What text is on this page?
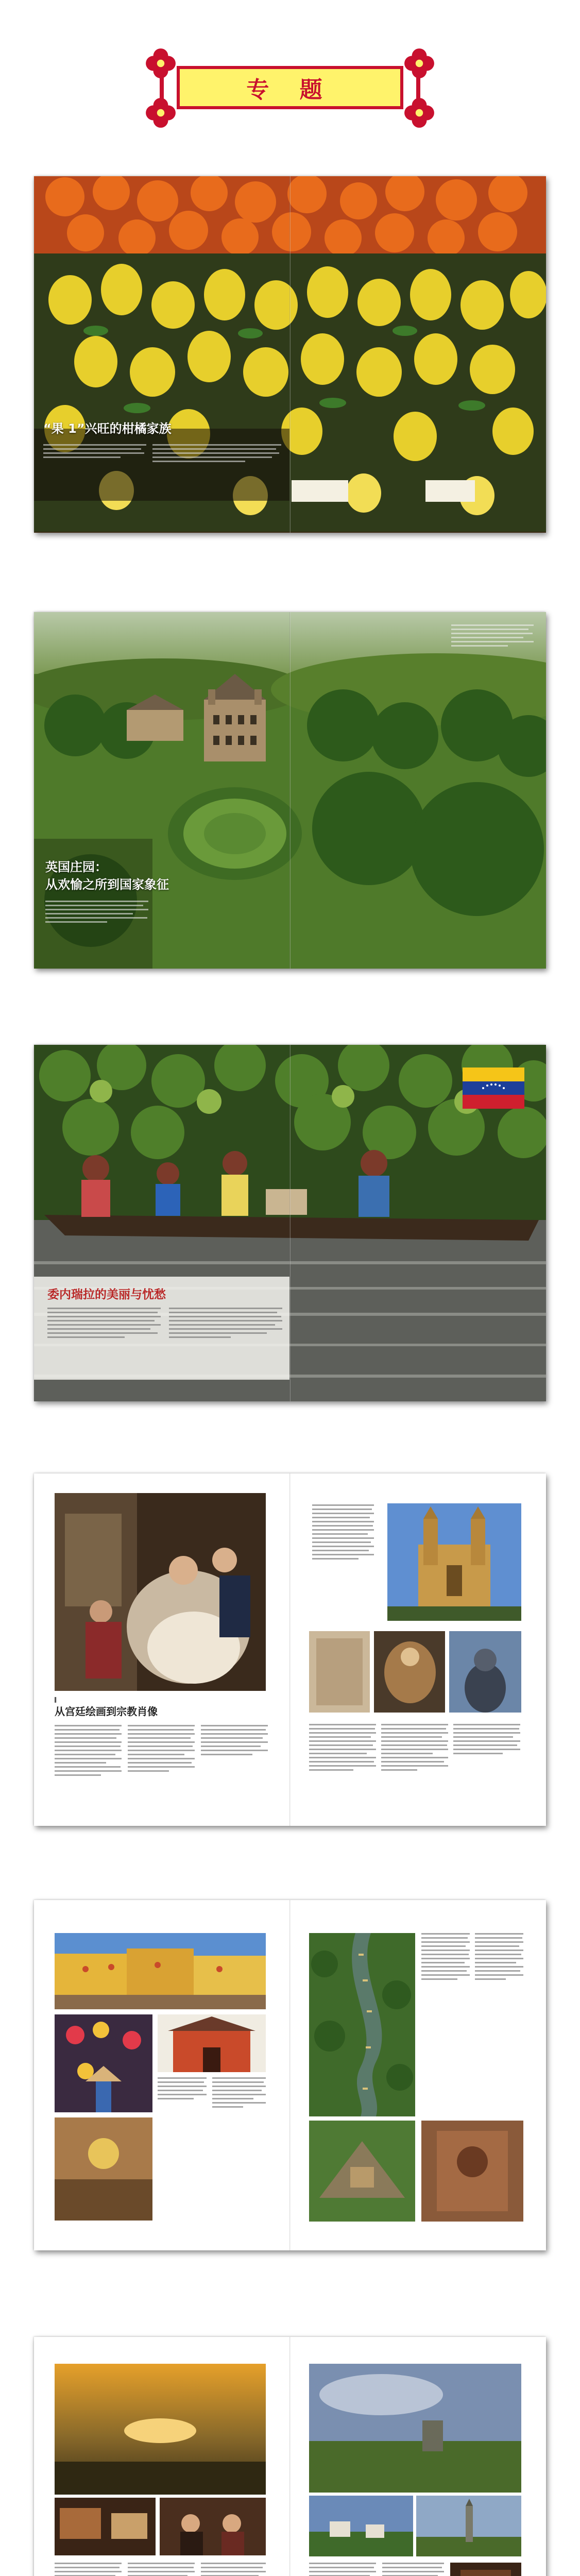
专 题
“果 1”兴旺的柑橘家族
英国庄园：
从欢愉之所到国家象征
委内瑞拉的美丽与忧愁
▌
从宫廷绘画到宗教肖像
